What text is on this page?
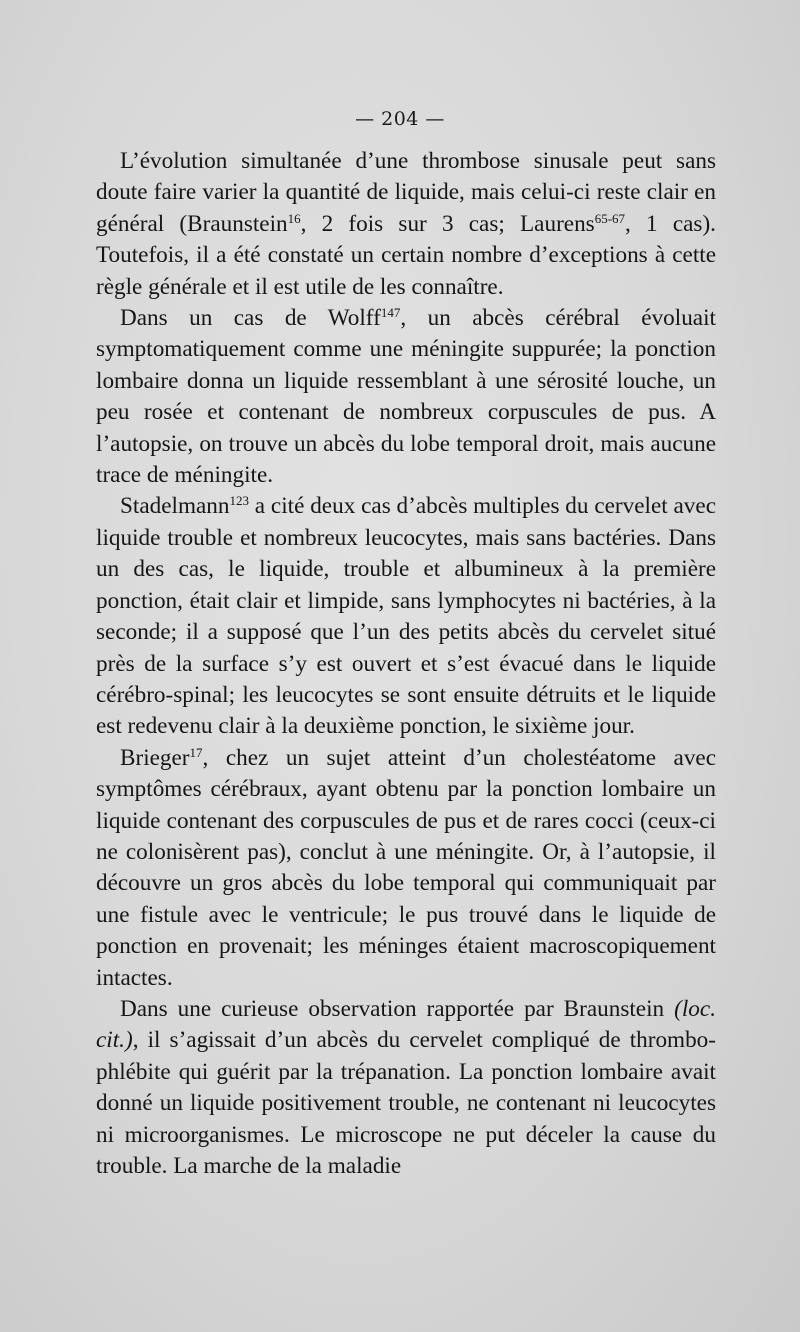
— 204 —

L’évolution simultanée d’une thrombose sinusale peut sans doute faire varier la quantité de liquide, mais celui-ci reste clair en général (Braunstein$^{16}$, 2 fois sur 3 cas; Laurens$^{65-67}$, 1 cas). Toutefois, il a été constaté un certain nombre d’exceptions à cette règle générale et il est utile de les connaître.

Dans un cas de Wolff$^{147}$, un abcès cérébral évoluait symptomatiquement comme une méningite suppurée; la ponction lombaire donna un liquide ressemblant à une sérosité louche, un peu rosée et contenant de nombreux corpuscules de pus. A l’autopsie, on trouve un abcès du lobe temporal droit, mais aucune trace de méningite.

Stadelmann$^{123}$ a cité deux cas d’abcès multiples du cervelet avec liquide trouble et nombreux leucocytes, mais sans bactéries. Dans un des cas, le liquide, trouble et albumineux à la première ponction, était clair et limpide, sans lymphocytes ni bactéries, à la seconde; il a supposé que l’un des petits abcès du cervelet situé près de la surface s’y est ouvert et s’est évacué dans le liquide cérébro-spinal; les leucocytes se sont ensuite détruits et le liquide est redevenu clair à la deuxième ponction, le sixième jour.

Brieger$^{17}$, chez un sujet atteint d’un cholestéatome avec symptômes cérébraux, ayant obtenu par la ponction lombaire un liquide contenant des corpuscules de pus et de rares cocci (ceux-ci ne colonisèrent pas), conclut à une méningite. Or, à l’autopsie, il découvre un gros abcès du lobe temporal qui communiquait par une fistule avec le ventricule; le pus trouvé dans le liquide de ponction en provenait; les méninges étaient macroscopiquement intactes.

Dans une curieuse observation rapportée par Braunstein (loc. cit.), il s’agissait d’un abcès du cervelet compliqué de thrombo-phlébite qui guérit par la trépanation. La ponction lombaire avait donné un liquide positivement trouble, ne contenant ni leucocytes ni microorganismes. Le microscope ne put déceler la cause du trouble. La marche de la maladie
